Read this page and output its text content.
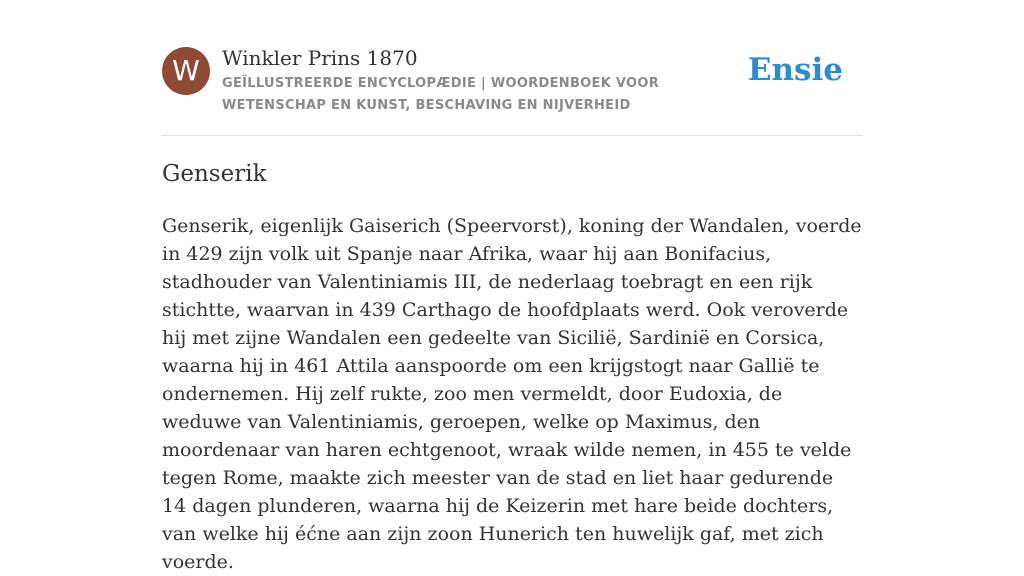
W	Winkler Prins 1870
GEÏLLUSTREERDE ENCYCLOPÆDIE | WOORDENBOEK VOOR WETENSCHAP EN KUNST, BESCHAVING EN NIJVERHEID
Ensie
Genserik

Genserik, eigenlijk Gaiserich (Speervorst), koning der Wandalen, voerde in 429 zijn volk uit Spanje naar Afrika, waar hij aan Bonifacius, stadhouder van Valentiniamis III, de nederlaag toebragt en een rijk stichtte, waarvan in 439 Carthago de hoofdplaats werd. Ook veroverde hij met zijne Wandalen een gedeelte van Sicilië, Sardinië en Corsica, waarna hij in 461 Attila aanspoorde om een krijgstogt naar Gallië te ondernemen. Hij zelf rukte, zoo men vermeldt, door Eudoxia, de weduwe van Valentiniamis, geroepen, welke op Maximus, den moordenaar van haren echtgenoot, wraak wilde nemen, in 455 te velde tegen Rome, maakte zich meester van de stad en liet haar gedurende 14 dagen plunderen, waarna hij de Keizerin met hare beide dochters, van welke hij éćne aan zijn zoon Hunerich ten huwelijk gaf, met zich voerde.
